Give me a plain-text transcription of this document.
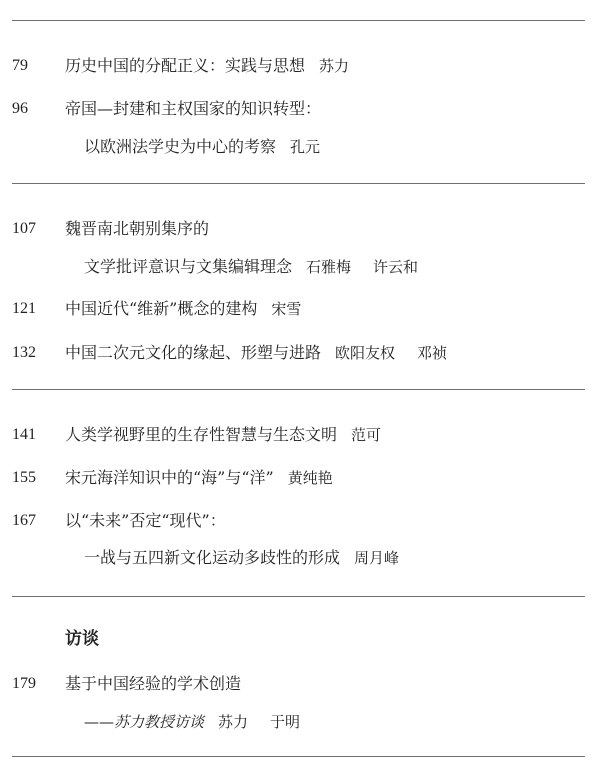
79 历史中国的分配正义：实践与思想 苏力
96 帝国—封建和主权国家的知识转型：
以欧洲法学史为中心的考察 孔元
107 魏晋南北朝别集序的
文学批评意识与文集编辑理念 石雅梅 许云和
121 中国近代“维新”概念的建构 宋雪
132 中国二次元文化的缘起、形塑与进路 欧阳友权 邓祯
141 人类学视野里的生存性智慧与生态文明 范可
155 宋元海洋知识中的“海”与“洋” 黄纯艳
167 以“未来”否定“现代”：
一战与五四新文化运动多歧性的形成 周月峰
访谈
179 基于中国经验的学术创造
——苏力教授访谈 苏力 于明
